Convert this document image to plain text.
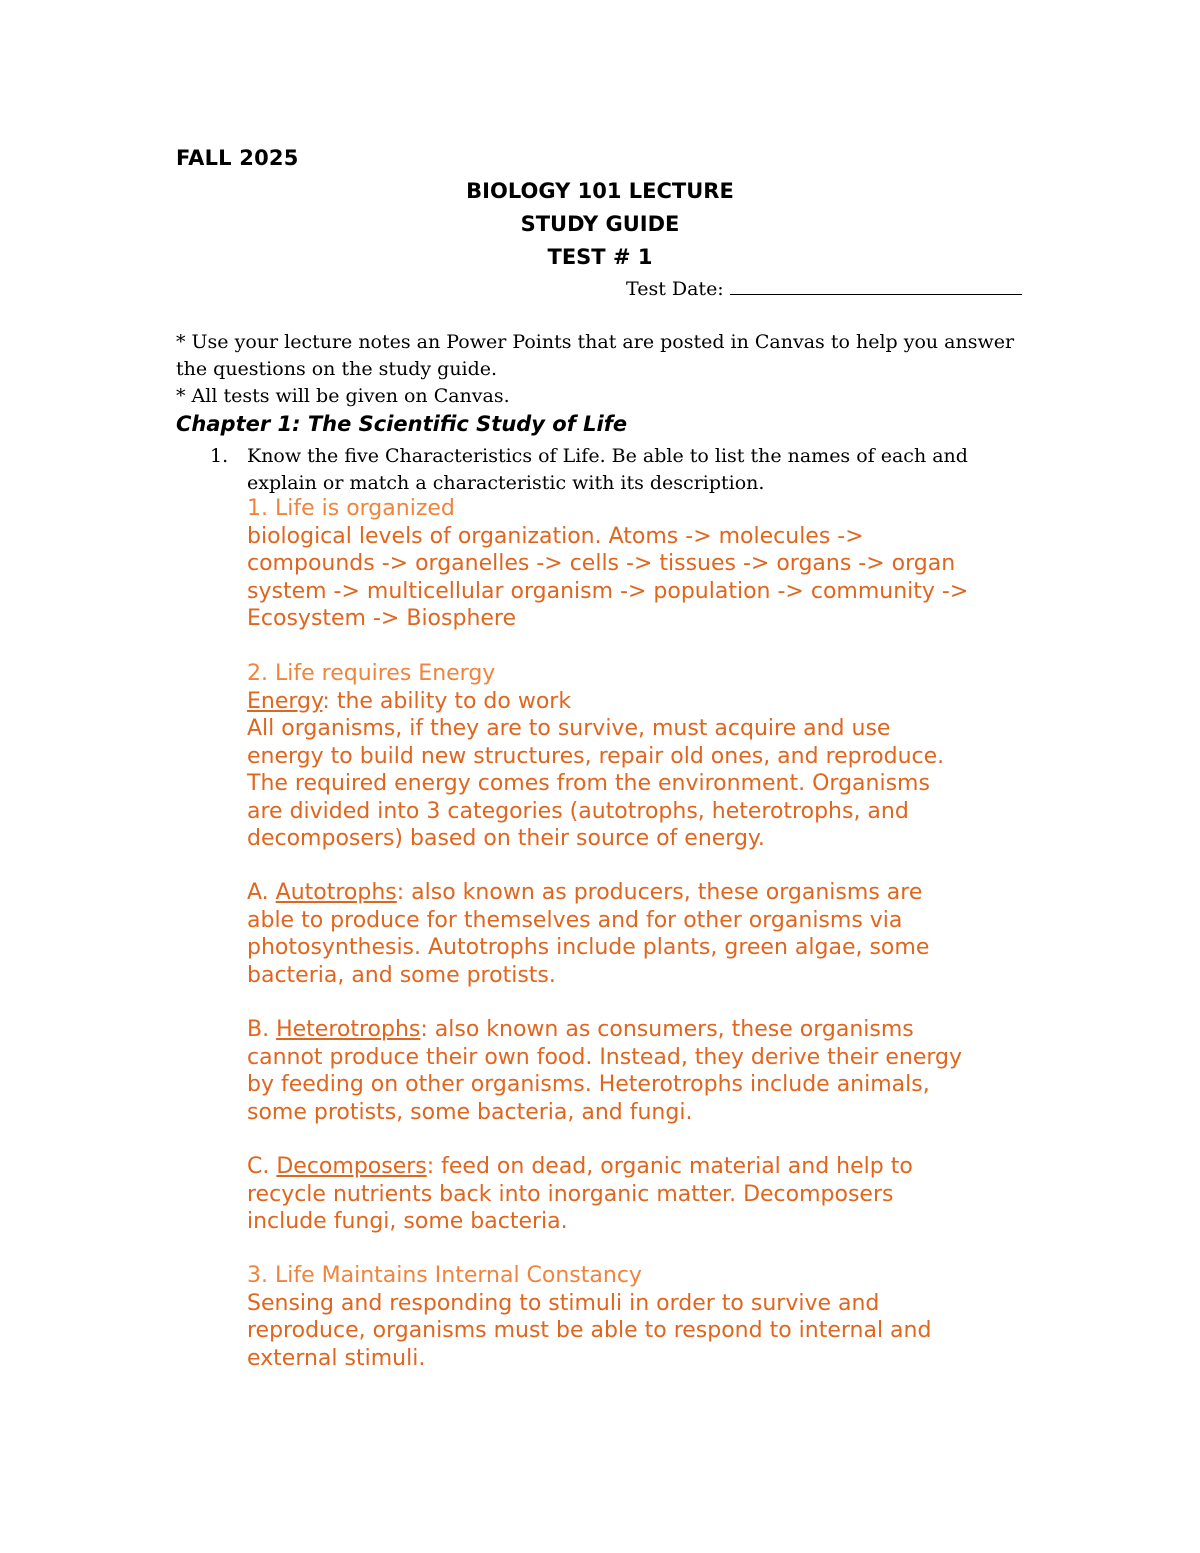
FALL 2025
BIOLOGY 101 LECTURE
STUDY GUIDE
TEST # 1
Test Date:
* Use your lecture notes an Power Points that are posted in Canvas to help you answer
the questions on the study guide.
* All tests will be given on Canvas.
Chapter 1: The Scientific Study of Life
1. Know the five Characteristics of Life. Be able to list the names of each and
explain or match a characteristic with its description.
1. Life is organized
biological levels of organization. Atoms -> molecules ->
compounds -> organelles -> cells -> tissues -> organs -> organ
system -> multicellular organism -> population -> community ->
Ecosystem -> Biosphere
2. Life requires Energy
Energy: the ability to do work
All organisms, if they are to survive, must acquire and use
energy to build new structures, repair old ones, and reproduce.
The required energy comes from the environment. Organisms
are divided into 3 categories (autotrophs, heterotrophs, and
decomposers) based on their source of energy.
A. Autotrophs: also known as producers, these organisms are
able to produce for themselves and for other organisms via
photosynthesis. Autotrophs include plants, green algae, some
bacteria, and some protists.
B. Heterotrophs: also known as consumers, these organisms
cannot produce their own food. Instead, they derive their energy
by feeding on other organisms. Heterotrophs include animals,
some protists, some bacteria, and fungi.
C. Decomposers: feed on dead, organic material and help to
recycle nutrients back into inorganic matter. Decomposers
include fungi, some bacteria.
3. Life Maintains Internal Constancy
Sensing and responding to stimuli in order to survive and
reproduce, organisms must be able to respond to internal and
external stimuli.
